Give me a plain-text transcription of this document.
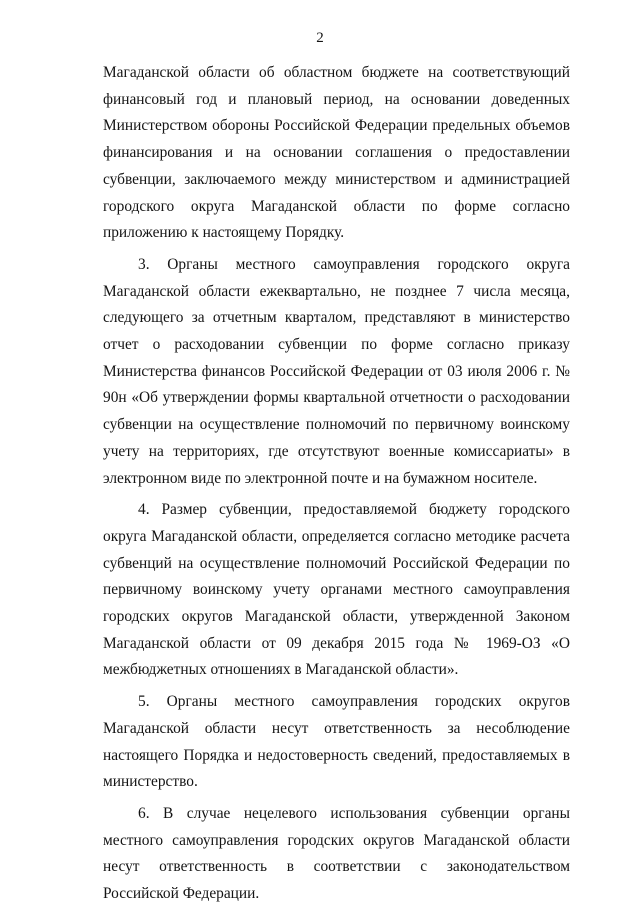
2

Магаданской области об областном бюджете на соответствующий финансовый год и плановый период, на основании доведенных Министерством обороны Российской Федерации предельных объемов финансирования и на основании соглашения о предоставлении субвенции, заключаемого между министерством и администрацией городского округа Магаданской области по форме согласно приложению к настоящему Порядку.

3. Органы местного самоуправления городского округа Магаданской области ежеквартально, не позднее 7 числа месяца, следующего за отчетным кварталом, представляют в министерство отчет о расходовании субвенции по форме согласно приказу Министерства финансов Российской Федерации от 03 июля 2006 г. № 90н «Об утверждении формы квартальной отчетности о расходовании субвенции на осуществление полномочий по первичному воинскому учету на территориях, где отсутствуют военные комиссариаты» в электронном виде по электронной почте и на бумажном носителе.

4. Размер субвенции, предоставляемой бюджету городского округа Магаданской области, определяется согласно методике расчета субвенций на осуществление полномочий Российской Федерации по первичному воинскому учету органами местного самоуправления городских округов Магаданской области, утвержденной Законом Магаданской области от 09 декабря 2015 года № 1969-ОЗ «О межбюджетных отношениях в Магаданской области».

5. Органы местного самоуправления городских округов Магаданской области несут ответственность за несоблюдение настоящего Порядка и недостоверность сведений, предоставляемых в министерство.

6. В случае нецелевого использования субвенции органы местного самоуправления городских округов Магаданской области несут ответственность в соответствии с законодательством Российской Федерации.
